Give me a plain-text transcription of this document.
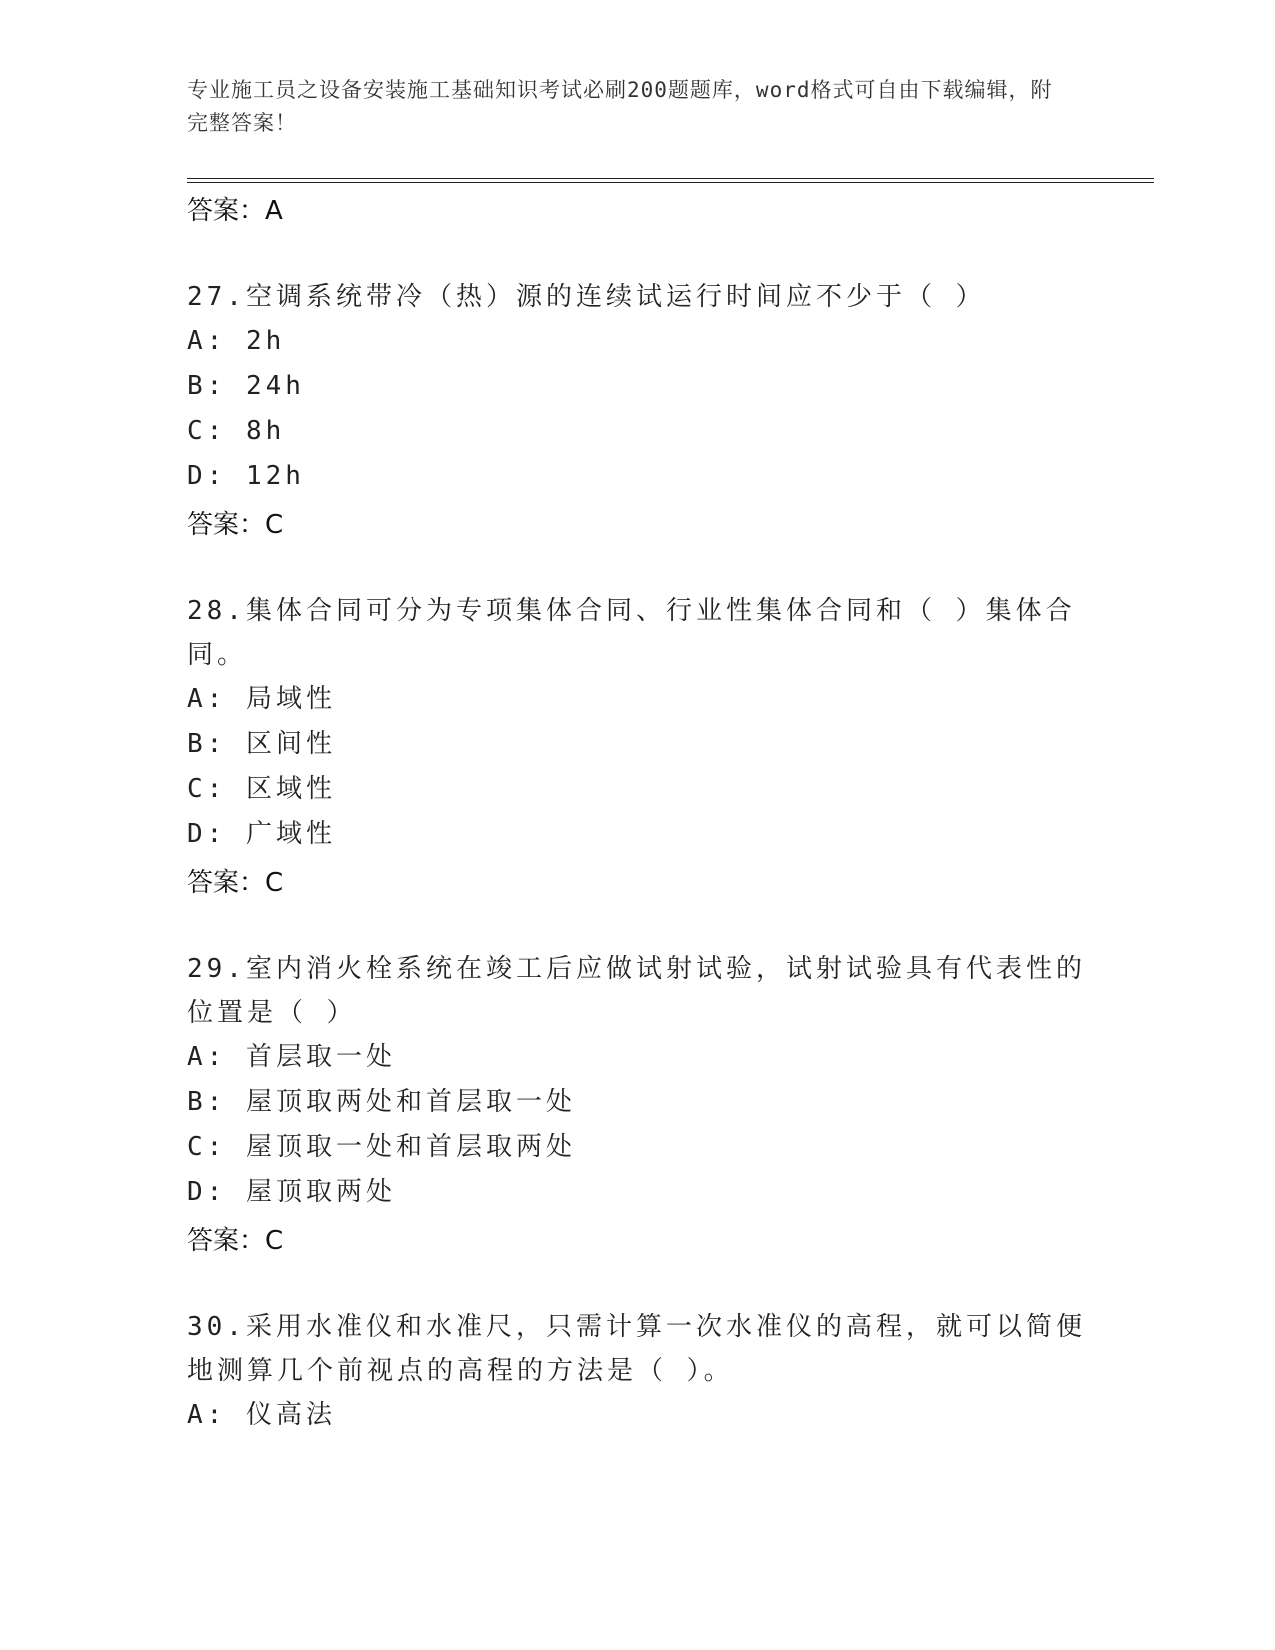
专业施工员之设备安装施工基础知识考试必刷200题题库，word格式可自由下载编辑，附完整答案！
答案：A
27.空调系统带冷（热）源的连续试运行时间应不少于（ ）
A: 2h
B: 24h
C: 8h
D: 12h
答案：C
28.集体合同可分为专项集体合同、行业性集体合同和（ ）集体合同。
A: 局域性
B: 区间性
C: 区域性
D: 广域性
答案：C
29.室内消火栓系统在竣工后应做试射试验，试射试验具有代表性的位置是（ ）
A: 首层取一处
B: 屋顶取两处和首层取一处
C: 屋顶取一处和首层取两处
D: 屋顶取两处
答案：C
30.采用水准仪和水准尺，只需计算一次水准仪的高程，就可以简便地测算几个前视点的高程的方法是（ ）。
A: 仪高法
